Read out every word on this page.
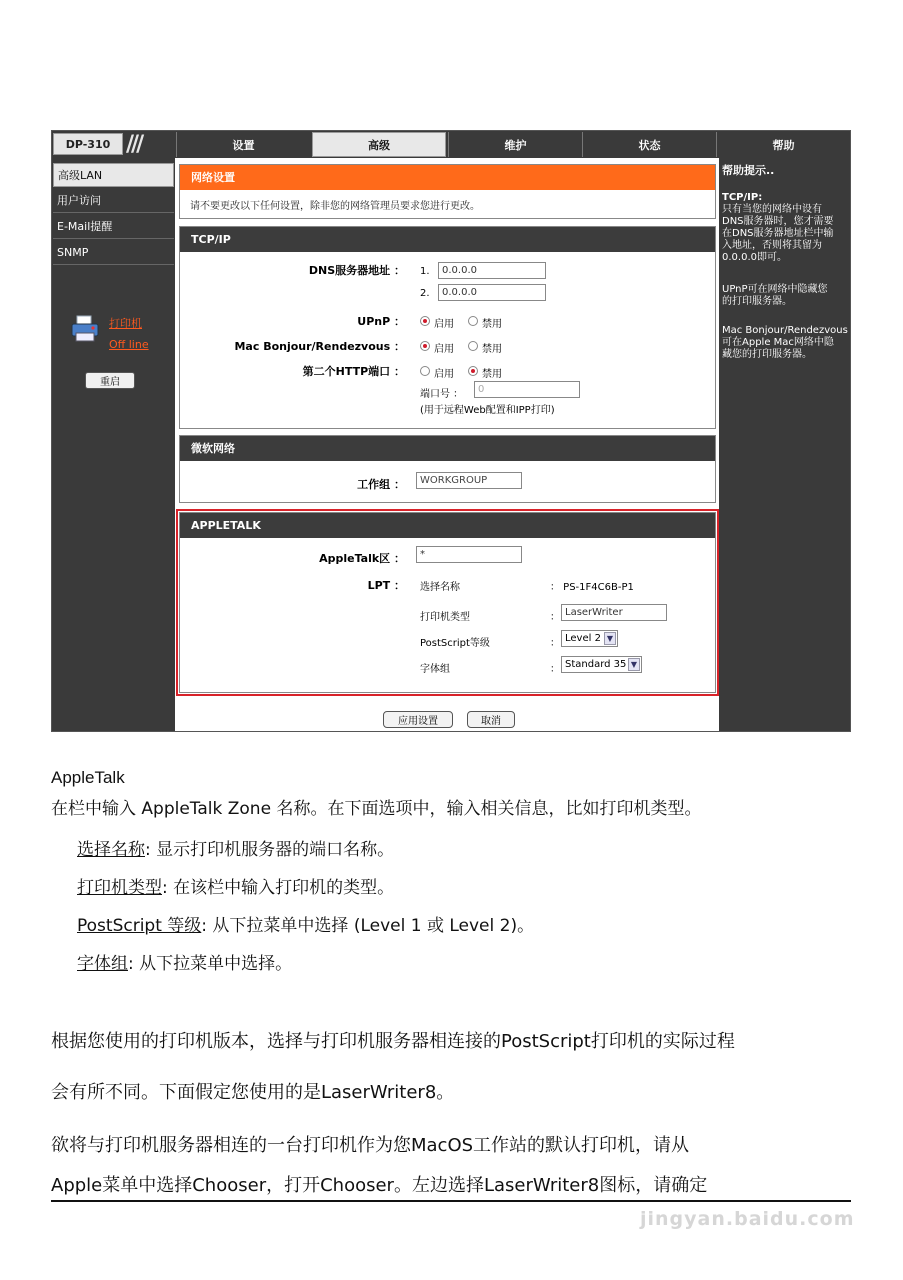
DP-310 ///	设置	高级	维护	状态	帮助
高级LAN
用户访问
E-Mail提醒
SNMP
打印机
Off line
重启
网络设置
请不要更改以下任何设置，除非您的网络管理员要求您进行更改。
TCP/IP
DNS服务器地址 ： 1.	0.0.0.0
2.	0.0.0.0
UPnP ：	启用	禁用
Mac Bonjour/Rendezvous ：	启用	禁用
第二个HTTP端口 ：	启用	禁用
端口号 ：	0
(用于远程Web配置和IPP打印)
微软网络
工作组 ：	WORKGROUP
APPLETALK
AppleTalk区 ：	*
LPT ： 选择名称	： PS-1F4C6B-P1
打印机类型	： LaserWriter
PostScript等级	： Level 2 ▼
字体组	： Standard 35 ▼
应用设置	取消
帮助提示..
TCP/IP:
只有当您的网络中设有
DNS服务器时，您才需要
在DNS服务器地址栏中输
入地址，否则将其留为
0.0.0.0即可。
UPnP可在网络中隐藏您
的打印服务器。
Mac Bonjour/Rendezvous
可在Apple Mac网络中隐
藏您的打印服务器。
AppleTalk
在栏中输入 AppleTalk Zone 名称。在下面选项中，输入相关信息，比如打印机类型。
选择名称: 显示打印机服务器的端口名称。
打印机类型: 在该栏中输入打印机的类型。
PostScript 等级: 从下拉菜单中选择 (Level 1 或 Level 2)。
字体组: 从下拉菜单中选择。
根据您使用的打印机版本，选择与打印机服务器相连接的PostScript打印机的实际过程
会有所不同。下面假定您使用的是LaserWriter8。
欲将与打印机服务器相连的一台打印机作为您MacOS工作站的默认打印机，请从
Apple菜单中选择Chooser，打开Chooser。左边选择LaserWriter8图标，请确定
jingyan.baidu.com
